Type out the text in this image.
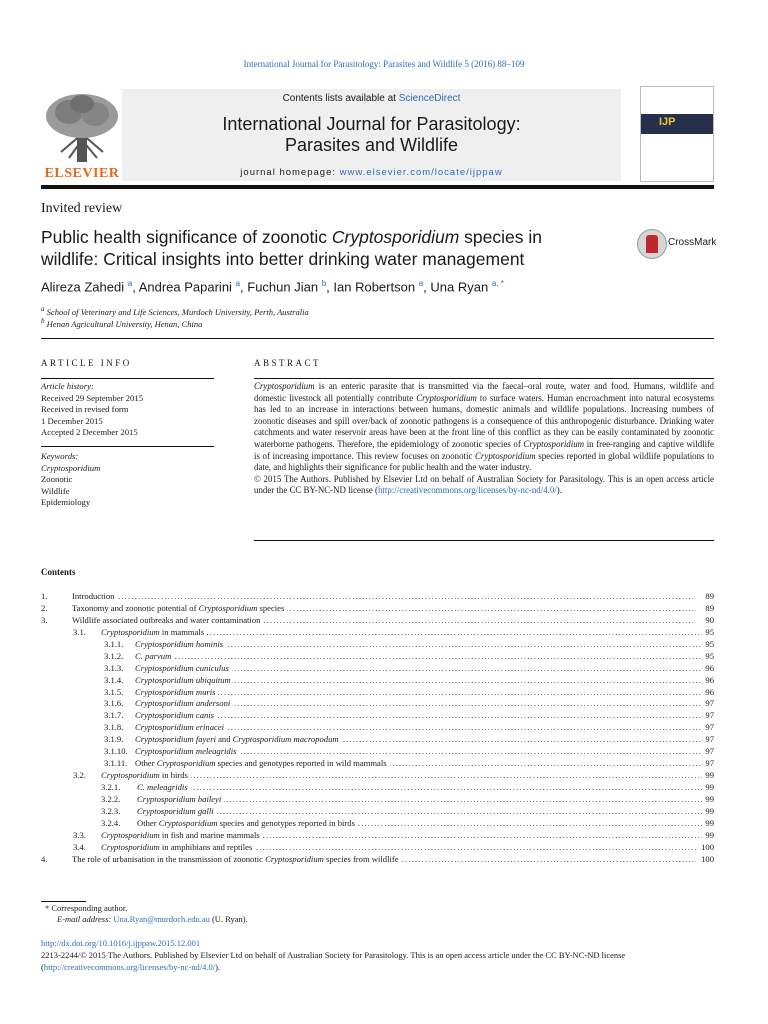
International Journal for Parasitology: Parasites and Wildlife 5 (2016) 88–109
ELSEVIER
Contents lists available at ScienceDirect
International Journal for Parasitology:
Parasites and Wildlife
journal homepage: www.elsevier.com/locate/ijppaw
IJP
Invited review
Public health significance of zoonotic Cryptosporidium species in wildlife: Critical insights into better drinking water management
CrossMark
Alireza Zahedi $^a$, Andrea Paparini $^a$, Fuchun Jian $^b$, Ian Robertson $^a$, Una Ryan $^{a, *}$
$^a$ School of Veterinary and Life Sciences, Murdoch University, Perth, Australia
$^b$ Henan Agricultural University, Henan, China
ARTICLE INFO
Article history:
Received 29 September 2015
Received in revised form
1 December 2015
Accepted 2 December 2015
Keywords:
Cryptosporidium
Zoonotic
Wildlife
Epidemiology
ABSTRACT
Cryptosporidium is an enteric parasite that is transmitted via the faecal–oral route, water and food. Humans, wildlife and domestic livestock all potentially contribute Cryptosporidium to surface waters. Human encroachment into natural ecosystems has led to an increase in interactions between humans, domestic animals and wildlife populations. Increasing numbers of zoonotic diseases and spill over/back of zoonotic pathogens is a consequence of this anthropogenic disturbance. Drinking water catchments and water reservoir areas have been at the front line of this conflict as they can be easily contaminated by zoonotic waterborne pathogens. Therefore, the epidemiology of zoonotic species of Cryptosporidium in free-ranging and captive wildlife is of increasing importance. This review focuses on zoonotic Cryptosporidium species reported in global wildlife populations to date, and highlights their significance for public health and the water industry.
© 2015 The Authors. Published by Elsevier Ltd on behalf of Australian Society for Parasitology. This is an open access article under the CC BY-NC-ND license (http://creativecommons.org/licenses/by-nc-nd/4.0/).
Contents
. . .
1.	Introduction	89
. . .
2.	Taxonomy and zoonotic potential of Cryptosporidium species	89
. . .
3.	Wildlife associated outbreaks and water contamination	90
. . .
3.1. Cryptosporidium in mammals	95
. . .
3.1.1. Cryptosporidium hominis	95
. . .
3.1.2. C. parvum	95
. . .
3.1.3. Cryptosporidium cuniculus	96
. . .
3.1.4. Cryptosporidium ubiquitum	96
. . .
3.1.5. Cryptosporidium muris	96
. . .
3.1.6. Cryptosporidium andersoni	97
. . .
3.1.7. Cryptosporidium canis	97
. . .
3.1.8. Cryptosporidium erinacei	97
. . .
3.1.9. Cryptosporidium fayeri and Cryptosporidium macropodum	97
. . .
3.1.10. Cryptosporidium meleagridis	97
. . .
3.1.11. Other Cryptosporidium species and genotypes reported in wild mammals	97
. . .
3.2. Cryptosporidium in birds	99
. . .
3.2.1. C. meleagridis	99
. . .
3.2.2. Cryptosporidium baileyi	99
. . .
3.2.3. Cryptosporidium galli	99
. . .
3.2.4. Other Cryptosporidium species and genotypes reported in birds	99
. . .
3.3. Cryptosporidium in fish and marine mammals	99
. . .
3.4. Cryptosporidium in amphibians and reptiles	100
. . .
4.	The role of urbanisation in the transmission of zoonotic Cryptosporidium species from wildlife	100
* Corresponding author.
E-mail address: Una.Ryan@murdoch.edu.au (U. Ryan).
http://dx.doi.org/10.1016/j.ijppaw.2015.12.001
2213-2244/© 2015 The Authors. Published by Elsevier Ltd on behalf of Australian Society for Parasitology. This is an open access article under the CC BY-NC-ND license (http://creativecommons.org/licenses/by-nc-nd/4.0/).
